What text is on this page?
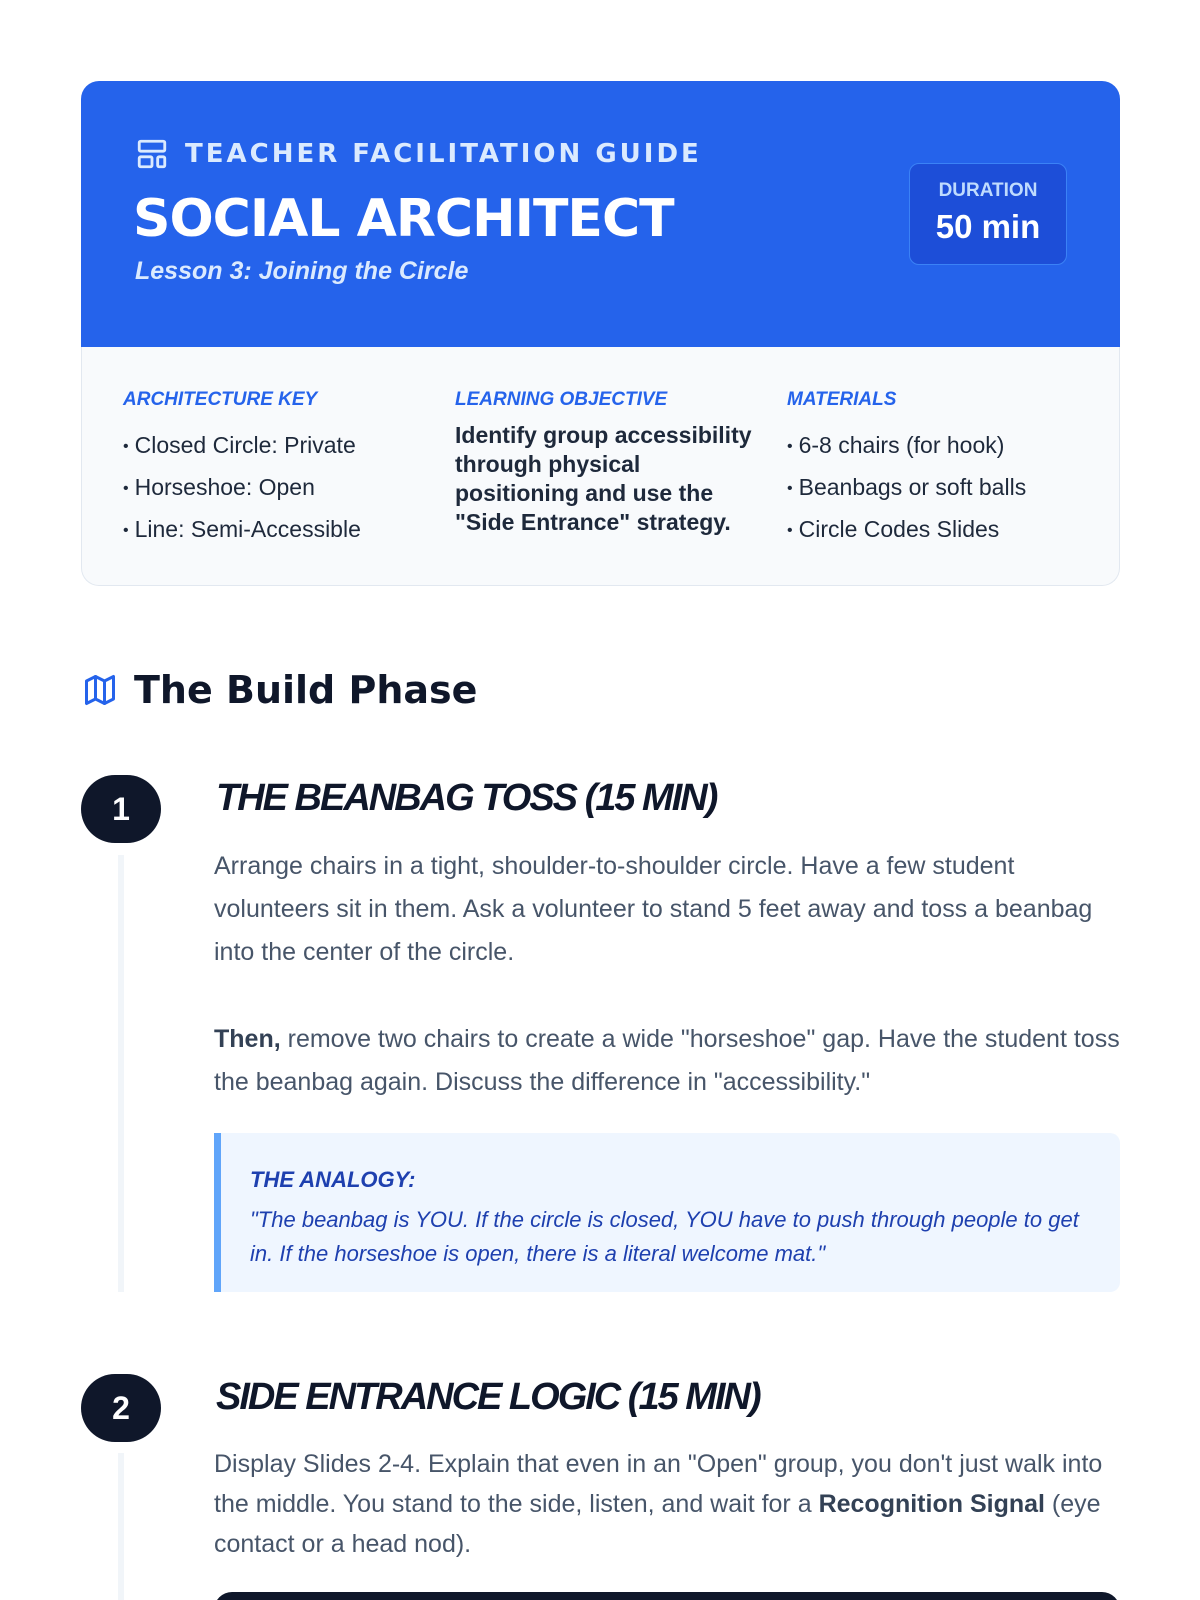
TEACHER FACILITATION GUIDE
SOCIAL ARCHITECT
Lesson 3: Joining the Circle
DURATION
50 min
ARCHITECTURE KEY
• Closed Circle: Private
• Horseshoe: Open
• Line: Semi-Accessible
LEARNING OBJECTIVE

Identify group accessibility through physical positioning and use the "Side Entrance" strategy.

MATERIALS
• 6-8 chairs (for hook)
• Beanbags or soft balls
• Circle Codes Slides
The Build Phase
1	THE BEANBAG TOSS (15 MIN)

Arrange chairs in a tight, shoulder-to-shoulder circle. Have a few student volunteers sit in them. Ask a volunteer to stand 5 feet away and toss a beanbag into the center of the circle.

Then, remove two chairs to create a wide "horseshoe" gap. Have the student toss the beanbag again. Discuss the difference in "accessibility."

THE ANALOGY:

"The beanbag is YOU. If the circle is closed, YOU have to push through people to get in. If the horseshoe is open, there is a literal welcome mat."

2	SIDE ENTRANCE LOGIC (15 MIN)

Display Slides 2-4. Explain that even in an "Open" group, you don't just walk into the middle. You stand to the side, listen, and wait for a Recognition Signal (eye contact or a head nod).
